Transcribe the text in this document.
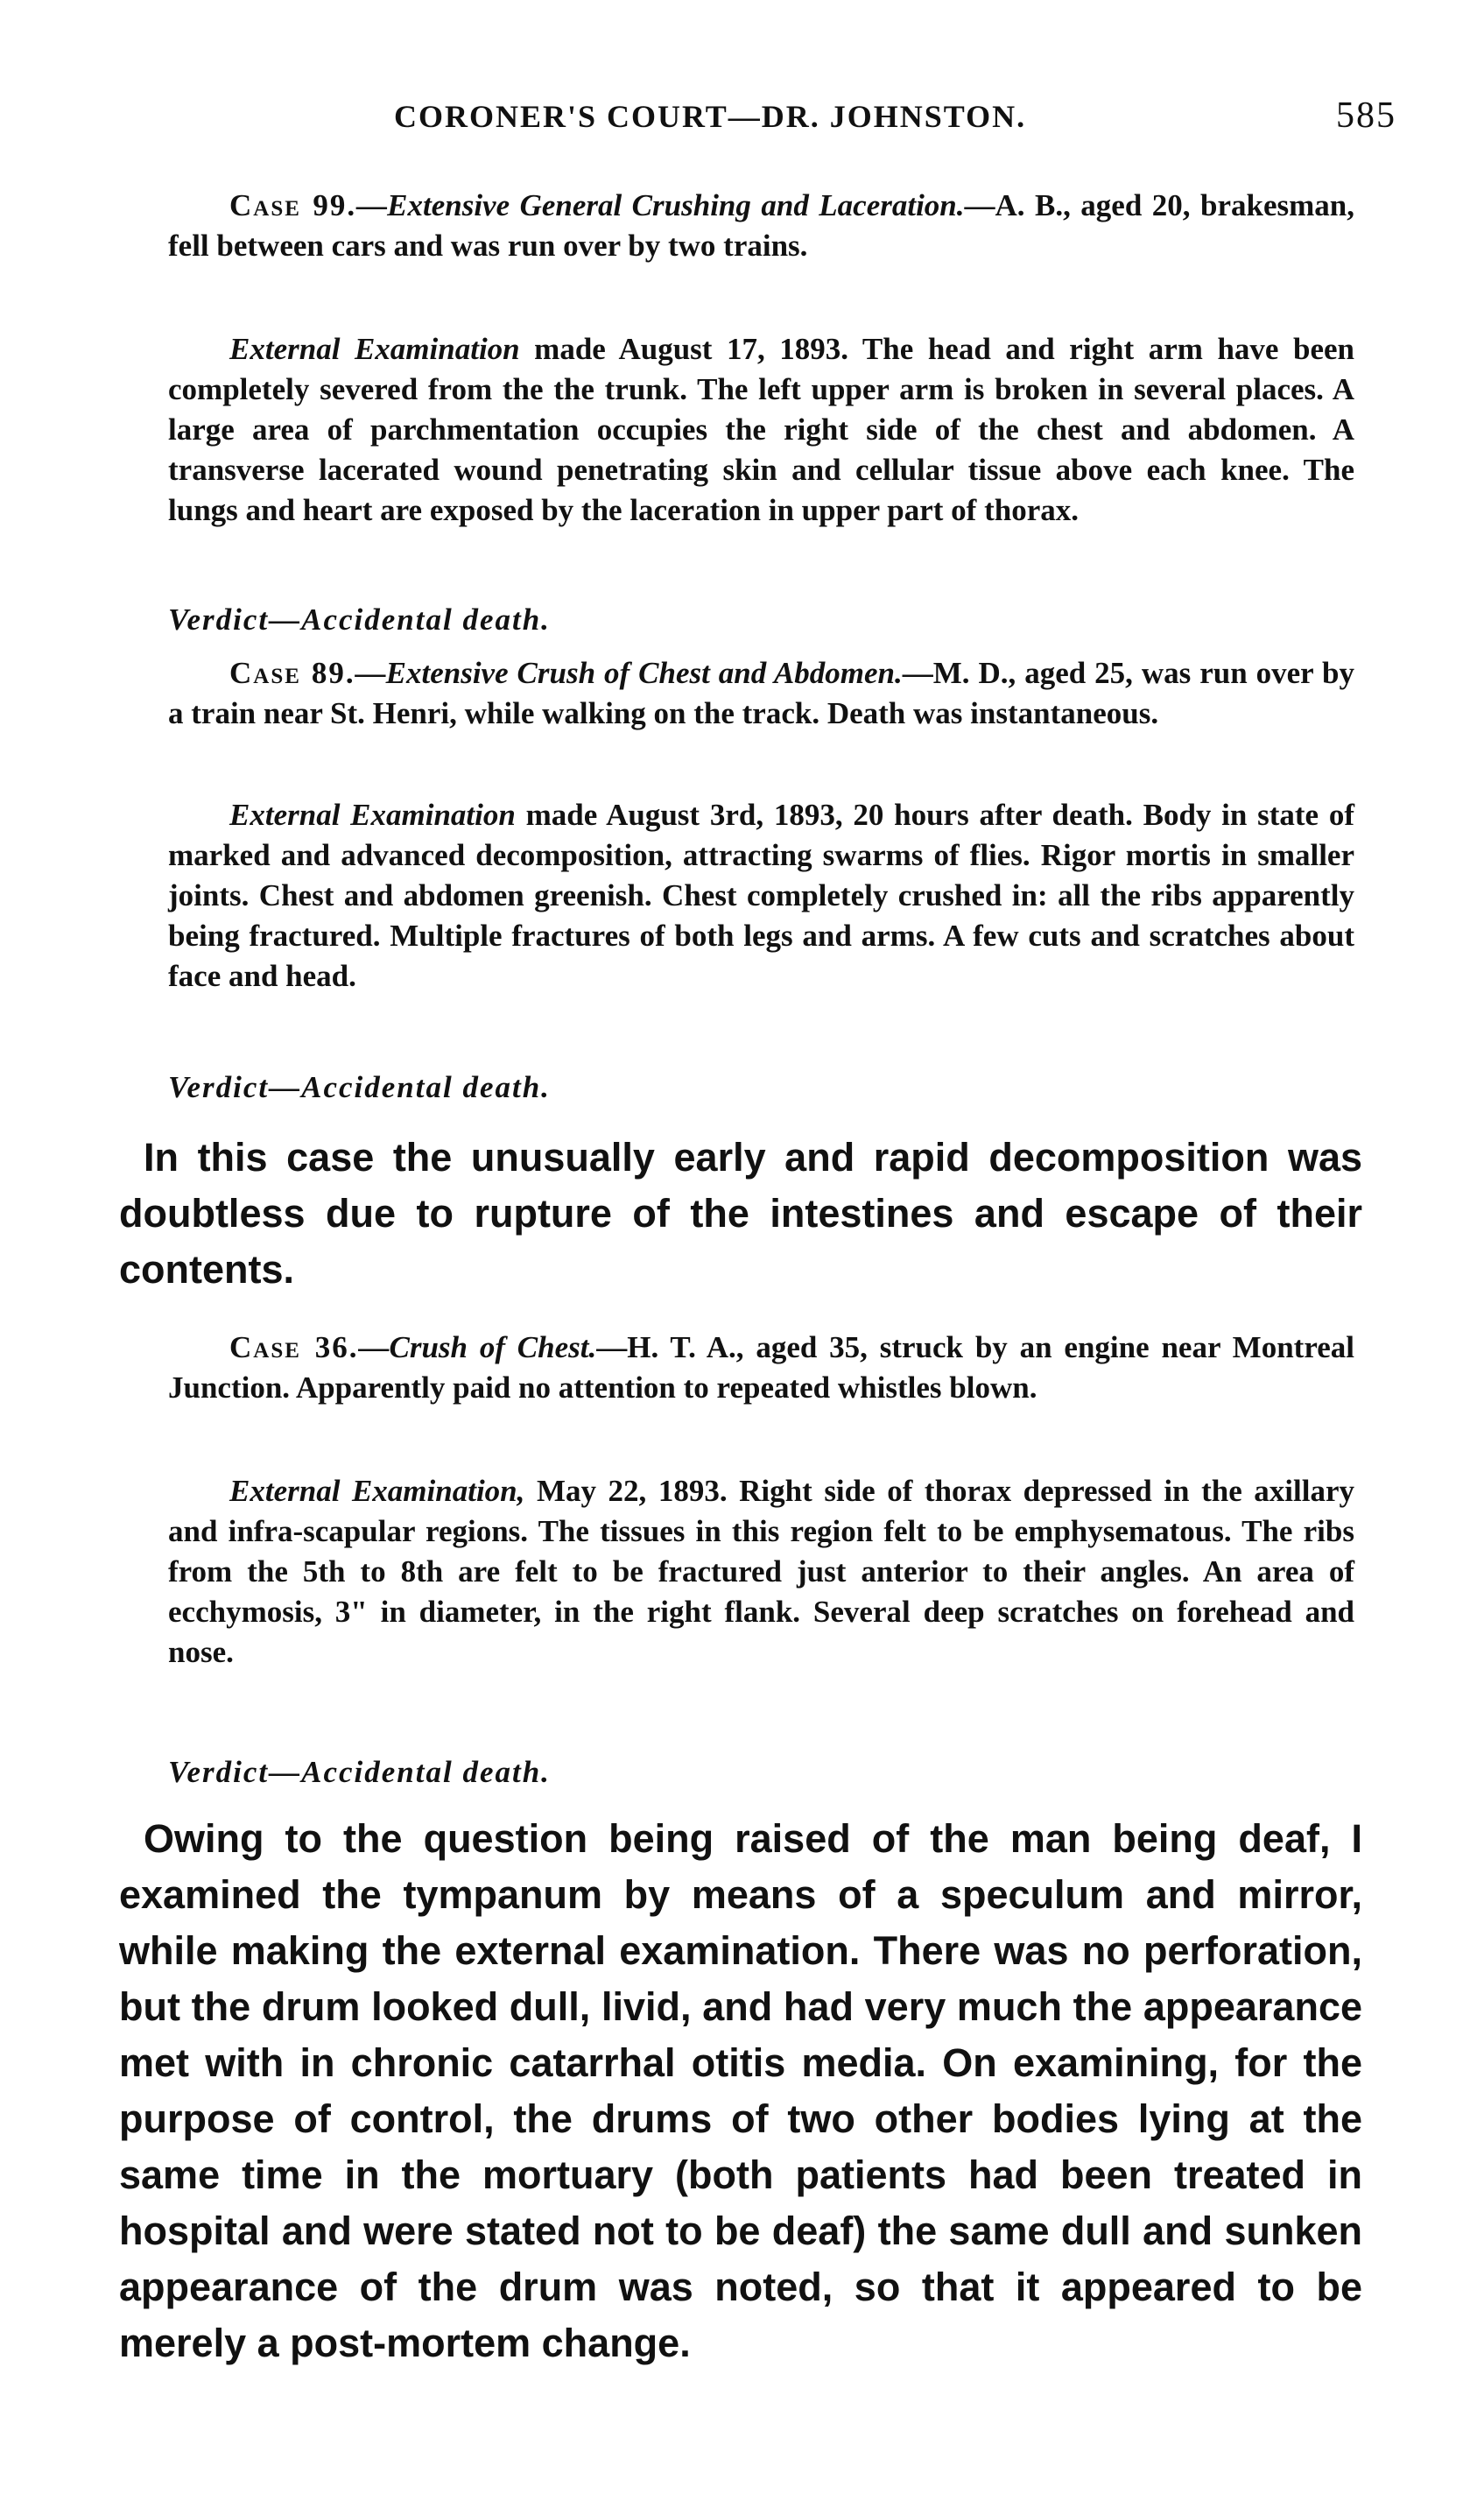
CORONER'S COURT—DR. JOHNSTON.	585
Case 99.—Extensive General Crushing and Laceration.—A. B., aged 20, brakesman, fell between cars and was run over by two trains.
External Examination made August 17, 1893. The head and right arm have been completely severed from the the trunk. The left upper arm is broken in several places. A large area of parchmentation occupies the right side of the chest and abdomen. A transverse lacerated wound penetrating skin and cellular tissue above each knee. The lungs and heart are exposed by the laceration in upper part of thorax.
Verdict—Accidental death.
Case 89.—Extensive Crush of Chest and Abdomen.—M. D., aged 25, was run over by a train near St. Henri, while walking on the track. Death was instantaneous.
External Examination made August 3rd, 1893, 20 hours after death. Body in state of marked and advanced decomposition, attracting swarms of flies. Rigor mortis in smaller joints. Chest and abdomen greenish. Chest completely crushed in: all the ribs apparently being fractured. Multiple fractures of both legs and arms. A few cuts and scratches about face and head.
Verdict—Accidental death.
In this case the unusually early and rapid decomposition was doubtless due to rupture of the intestines and escape of their contents.
Case 36.—Crush of Chest.—H. T. A., aged 35, struck by an engine near Montreal Junction. Apparently paid no attention to repeated whistles blown.
External Examination, May 22, 1893. Right side of thorax depressed in the axillary and infra-scapular regions. The tissues in this region felt to be emphysematous. The ribs from the 5th to 8th are felt to be fractured just anterior to their angles. An area of ecchymosis, 3" in diameter, in the right flank. Several deep scratches on forehead and nose.
Verdict—Accidental death.
Owing to the question being raised of the man being deaf, I examined the tympanum by means of a speculum and mirror, while making the external examination. There was no perforation, but the drum looked dull, livid, and had very much the appearance met with in chronic catarrhal otitis media. On examining, for the purpose of control, the drums of two other bodies lying at the same time in the mortuary (both patients had been treated in hospital and were stated not to be deaf) the same dull and sunken appearance of the drum was noted, so that it appeared to be merely a post-mortem change.
